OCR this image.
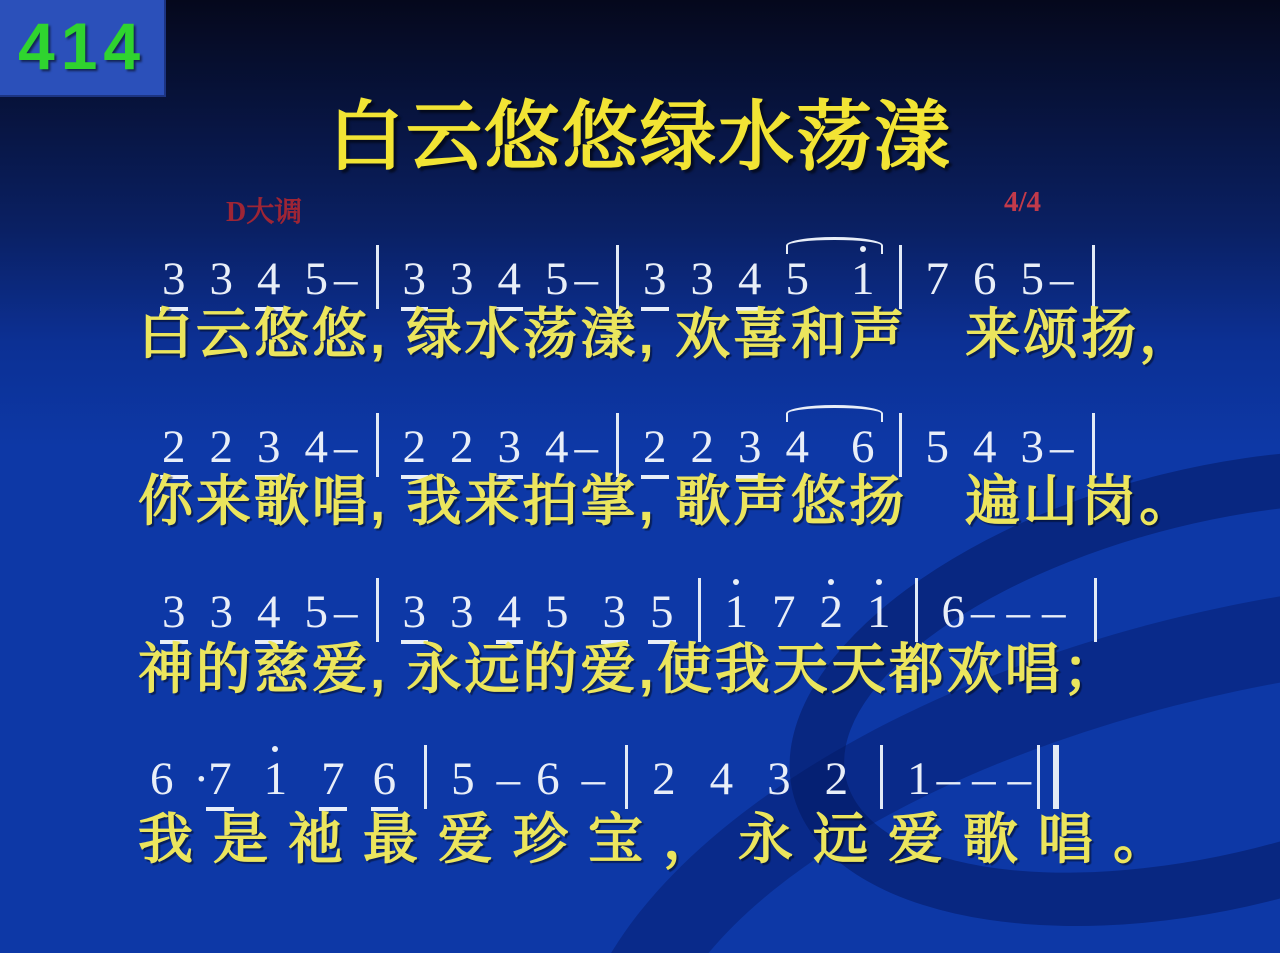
414
白云悠悠绿水荡漾
D大调	4/4
3 3 4 5 – 3 3 4 5 – 3 3 4 5 1 7 6 5 –
白云悠悠, 绿水荡漾, 欢喜和声　来颂扬，
2 2 3 4 – 2 2 3 4 – 2 2 3 4 6 5 4 3 –
你来歌唱, 我来拍掌, 歌声悠扬　遍山岗。
3 3 4 5 – 3 3 4 5 3 5 1 7 2 1 6 – – –
神的慈爱, 永远的爱,使我天天都欢唱；
6 ·7 1 7 6 5 – 6 – 2 4 3 2 1 – – –
我是祂最爱珍宝，永远爱歌唱。
